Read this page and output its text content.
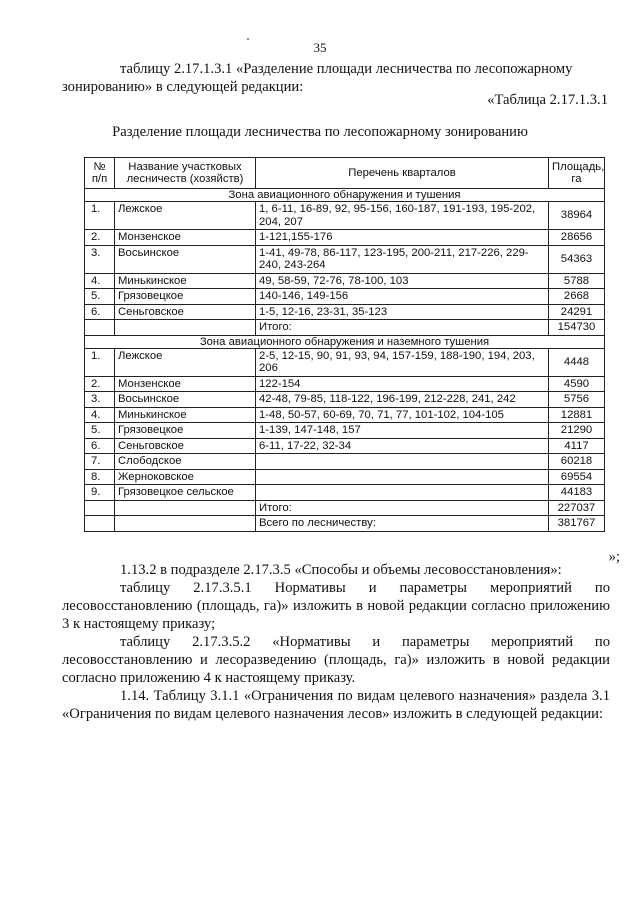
35
таблицу 2.17.1.3.1 «Разделение площади лесничества по лесопожарному
зонированию» в следующей редакции:
«Таблица 2.17.1.3.1
Разделение площади лесничества по лесопожарному зонированию
№ п/п	Название участковых лесничеств (хозяйств)	Перечень кварталов	Площадь, га
Зона авиационного обнаружения и тушения			
1.	Лежское	1, 6-11, 16-89, 92, 95-156, 160-187, 191-193, 195-202, 204, 207	38964
2.	Монзенское	1-121,155-176	28656
3.	Восьинское	1-41, 49-78, 86-117, 123-195, 200-211, 217-226, 229-240, 243-264	54363
4.	Минькинское	49, 58-59, 72-76, 78-100, 103	5788
5.	Грязовецкое	140-146, 149-156	2668
6.	Сеньговское	1-5, 12-16, 23-31, 35-123	24291
		Итого:	154730
Зона авиационного обнаружения и наземного тушения			
1.	Лежское	2-5, 12-15, 90, 91, 93, 94, 157-159, 188-190, 194, 203, 206	4448
2.	Монзенское	122-154	4590
3.	Восьинское	42-48, 79-85, 118-122, 196-199, 212-228, 241, 242	5756
4.	Минькинское	1-48, 50-57, 60-69, 70, 71, 77, 101-102, 104-105	12881
5.	Грязовецкое	1-139, 147-148, 157	21290
6.	Сеньговское	6-11, 17-22, 32-34	4117
7.	Слободское		60218
8.	Жерноковское		69554
9.	Грязовецкое сельское		44183
		Итого:	227037
		Всего по лесничеству:	381767
»;
1.13.2 в подразделе 2.17.3.5 «Способы и объемы лесовосстановления»:
таблицу 2.17.3.5.1 Нормативы и параметры мероприятий по лесовосстановлению (площадь, га)» изложить в новой редакции согласно приложению 3 к настоящему приказу;
таблицу 2.17.3.5.2 «Нормативы и параметры мероприятий по лесовосстановлению и лесоразведению (площадь, га)» изложить в новой редакции согласно приложению 4 к настоящему приказу.
1.14. Таблицу 3.1.1 «Ограничения по видам целевого назначения» раздела 3.1 «Ограничения по видам целевого назначения лесов» изложить в следующей редакции:
